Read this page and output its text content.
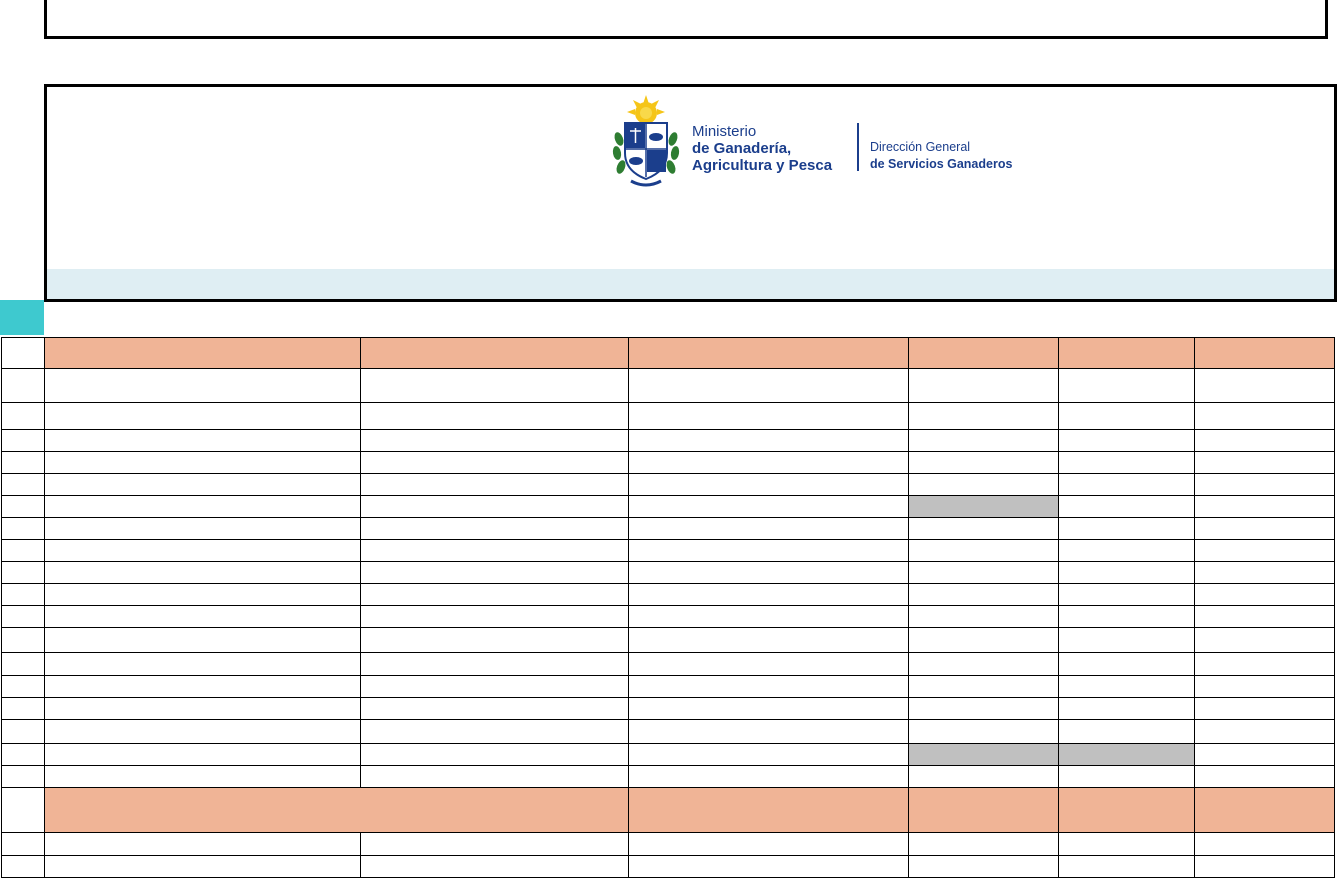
Ministerio
de Ganadería,
Agricultura y Pesca
Dirección General
de Servicios Ganaderos
